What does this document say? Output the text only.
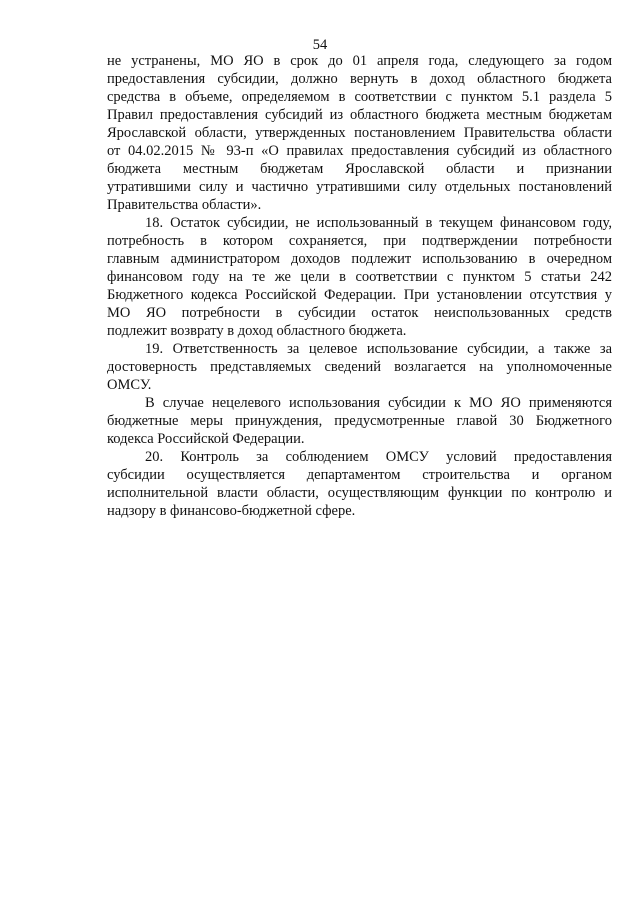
54
не устранены, МО ЯО в срок до 01 апреля года, следующего за годом
предоставления субсидии, должно вернуть в доход областного бюджета
средства в объеме, определяемом в соответствии с пунктом 5.1 раздела 5
Правил предоставления субсидий из областного бюджета местным бюджетам
Ярославской области, утвержденных постановлением Правительства области
от 04.02.2015 № 93-п «О правилах предоставления субсидий из областного
бюджета местным бюджетам Ярославской области и признании
утратившими силу и частично утратившими силу отдельных постановлений
Правительства области».
18. Остаток субсидии, не использованный в текущем финансовом году,
потребность в котором сохраняется, при подтверждении потребности
главным администратором доходов подлежит использованию в очередном
финансовом году на те же цели в соответствии с пунктом 5 статьи 242
Бюджетного кодекса Российской Федерации. При установлении отсутствия у
МО ЯО потребности в субсидии остаток неиспользованных средств
подлежит возврату в доход областного бюджета.
19. Ответственность за целевое использование субсидии, а также за
достоверность представляемых сведений возлагается на уполномоченные
ОМСУ.
В случае нецелевого использования субсидии к МО ЯО применяются
бюджетные меры принуждения, предусмотренные главой 30 Бюджетного
кодекса Российской Федерации.
20. Контроль за соблюдением ОМСУ условий предоставления
субсидии осуществляется департаментом строительства и органом
исполнительной власти области, осуществляющим функции по контролю и
надзору в финансово-бюджетной сфере.
